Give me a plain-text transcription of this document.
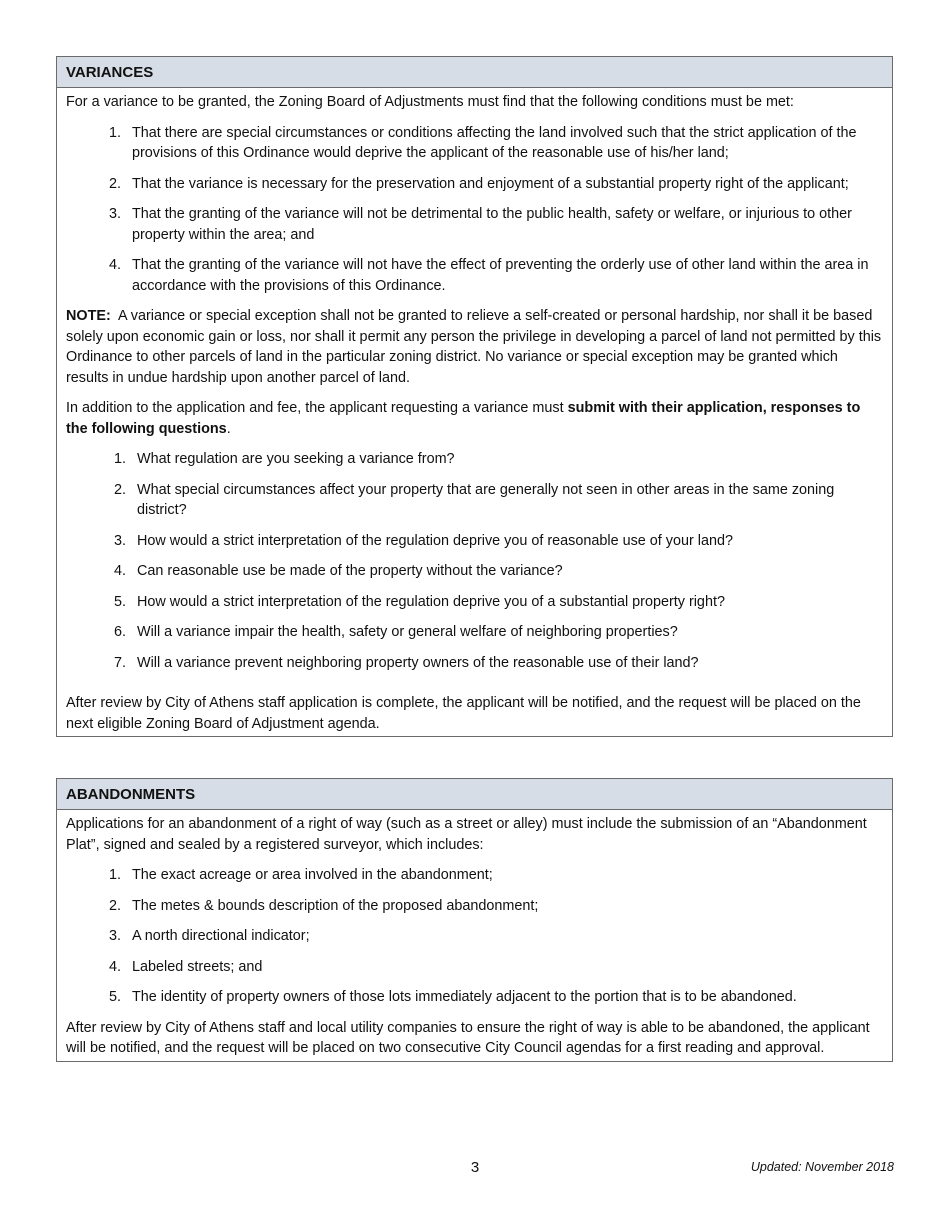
VARIANCES

For a variance to be granted, the Zoning Board of Adjustments must find that the following conditions must be met:

1. That there are special circumstances or conditions affecting the land involved such that the strict application of the provisions of this Ordinance would deprive the applicant of the reasonable use of his/her land;
2. That the variance is necessary for the preservation and enjoyment of a substantial property right of the applicant;
3. That the granting of the variance will not be detrimental to the public health, safety or welfare, or injurious to other property within the area; and
4. That the granting of the variance will not have the effect of preventing the orderly use of other land within the area in accordance with the provisions of this Ordinance.

NOTE: A variance or special exception shall not be granted to relieve a self-created or personal hardship, nor shall it be based solely upon economic gain or loss, nor shall it permit any person the privilege in developing a parcel of land not permitted by this Ordinance to other parcels of land in the particular zoning district. No variance or special exception may be granted which results in undue hardship upon another parcel of land.

In addition to the application and fee, the applicant requesting a variance must submit with their application, responses to the following questions.

1. What regulation are you seeking a variance from?
2. What special circumstances affect your property that are generally not seen in other areas in the same zoning district?
3. How would a strict interpretation of the regulation deprive you of reasonable use of your land?
4. Can reasonable use be made of the property without the variance?
5. How would a strict interpretation of the regulation deprive you of a substantial property right?
6. Will a variance impair the health, safety or general welfare of neighboring properties?
7. Will a variance prevent neighboring property owners of the reasonable use of their land?

After review by City of Athens staff application is complete, the applicant will be notified, and the request will be placed on the next eligible Zoning Board of Adjustment agenda.

ABANDONMENTS

Applications for an abandonment of a right of way (such as a street or alley) must include the submission of an “Abandonment Plat”, signed and sealed by a registered surveyor, which includes:

1. The exact acreage or area involved in the abandonment;
2. The metes & bounds description of the proposed abandonment;
3. A north directional indicator;
4. Labeled streets; and
5. The identity of property owners of those lots immediately adjacent to the portion that is to be abandoned.

After review by City of Athens staff and local utility companies to ensure the right of way is able to be abandoned, the applicant will be notified, and the request will be placed on two consecutive City Council agendas for a first reading and approval.

3	Updated: November 2018
